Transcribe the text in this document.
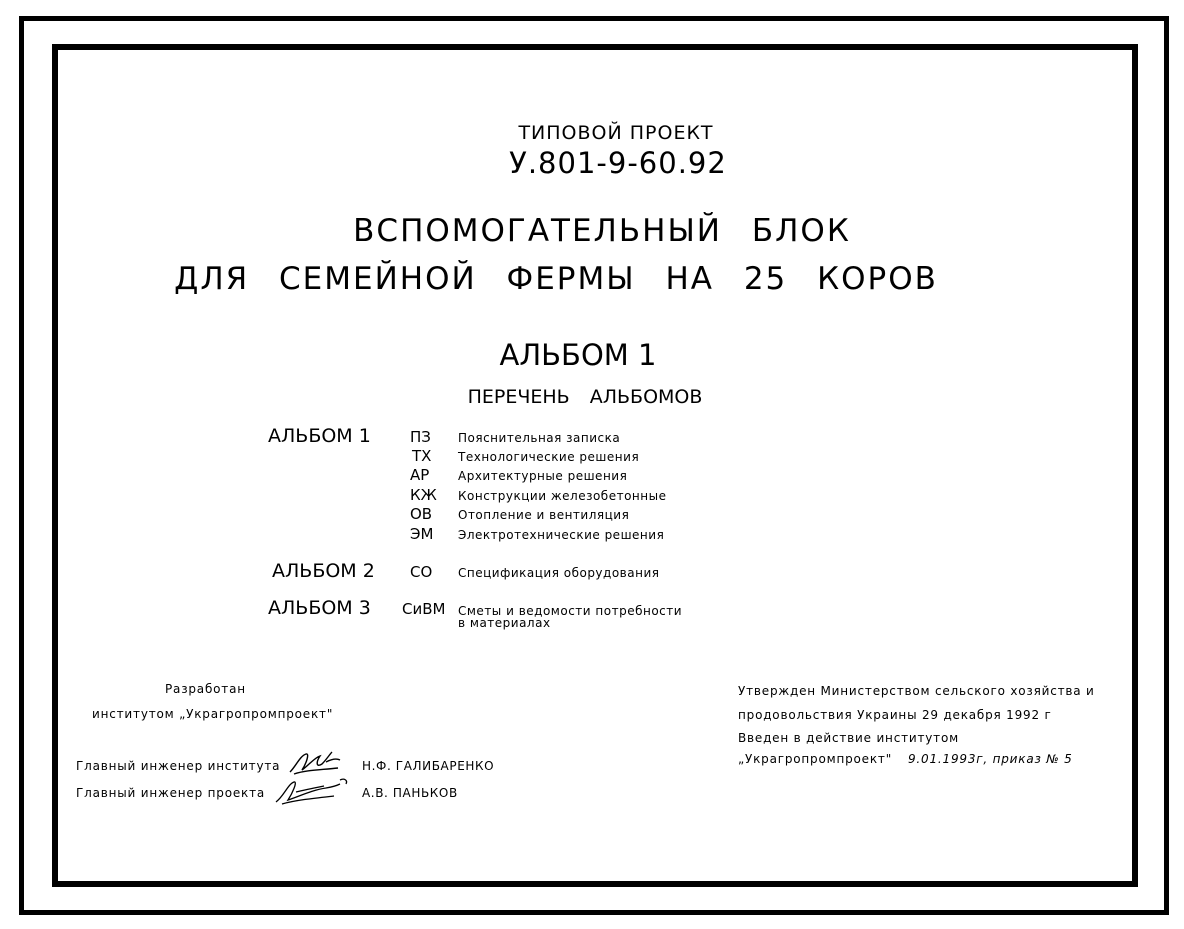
ТИПОВОЙ ПРОЕКТ
У.801-9-60.92
ВСПОМОГАТЕЛЬНЫЙ БЛОК
ДЛЯ СЕМЕЙНОЙ ФЕРМЫ НА 25 КОРОВ
АЛЬБОМ 1
ПЕРЕЧЕНЬ АЛЬБОМОВ
АЛЬБОМ 1	ПЗ Пояснительная записка
ТХ Технологические решения
АР Архитектурные решения
КЖ Конструкции железобетонные
ОВ Отопление и вентиляция
ЭМ Электротехнические решения
АЛЬБОМ 2 СО Спецификация оборудования
АЛЬБОМ 3 СиВМ Сметы и ведомости потребности
в материалах
Разработан
институтом „Украгропромпроект"
Главный инженер института	Н.Ф. ГАЛИБАРЕНКО
Главный инженер проекта	А.В. ПАНЬКОВ
Утвержден Министерством сельского хозяйства и
продовольствия Украины 29 декабря 1992 г
Введен в действие институтом
„Украгропромпроект" 9.01.1993г, приказ № 5
